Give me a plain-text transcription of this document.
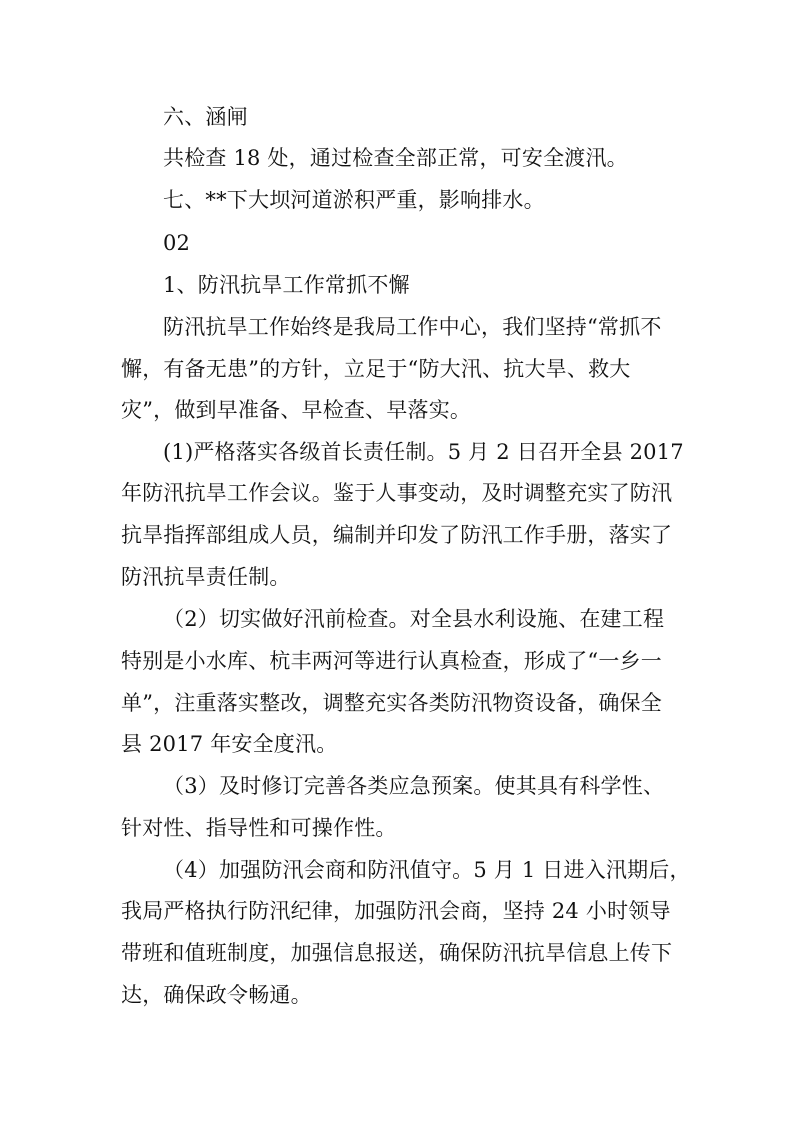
六、涵闸
共检查 18 处，通过检查全部正常，可安全渡汛。
七、**下大坝河道淤积严重，影响排水。
02
1、防汛抗旱工作常抓不懈
防汛抗旱工作始终是我局工作中心，我们坚持“常抓不
懈，有备无患”的方针，立足于“防大汛、抗大旱、救大
灾”，做到早准备、早检查、早落实。
(1)严格落实各级首长责任制。5 月 2 日召开全县 2017
年防汛抗旱工作会议。鉴于人事变动，及时调整充实了防汛
抗旱指挥部组成人员，编制并印发了防汛工作手册，落实了
防汛抗旱责任制。
（2）切实做好汛前检查。对全县水利设施、在建工程
特别是小水库、杭丰两河等进行认真检查，形成了“一乡一
单”，注重落实整改，调整充实各类防汛物资设备，确保全
县 2017 年安全度汛。
（3）及时修订完善各类应急预案。使其具有科学性、
针对性、指导性和可操作性。
（4）加强防汛会商和防汛值守。5 月 1 日进入汛期后，
我局严格执行防汛纪律，加强防汛会商，坚持 24 小时领导
带班和值班制度，加强信息报送，确保防汛抗旱信息上传下
达，确保政令畅通。
